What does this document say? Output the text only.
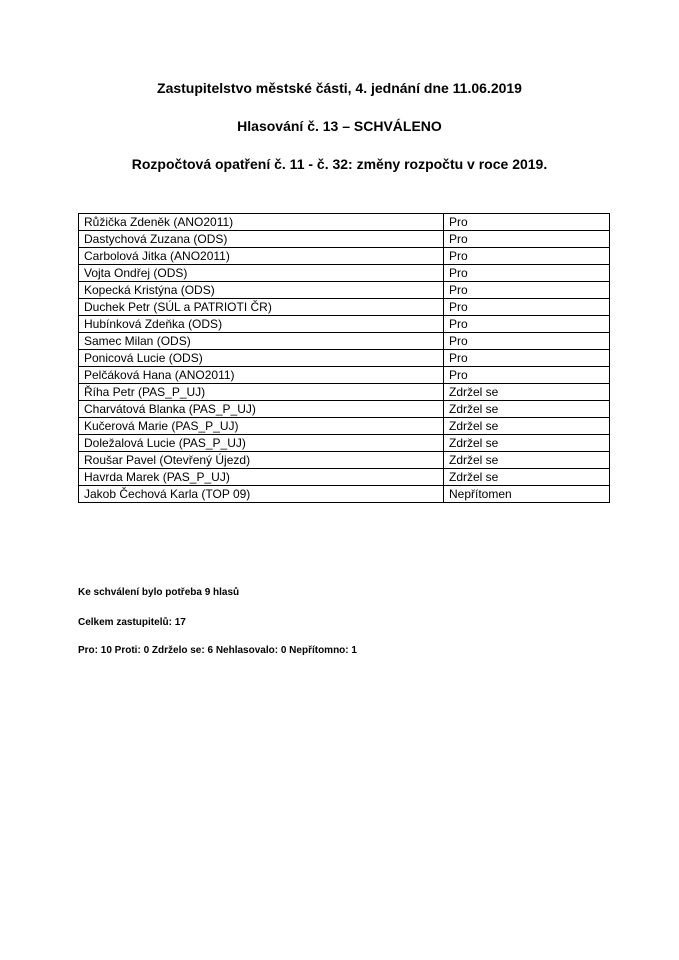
Zastupitelstvo městské části, 4. jednání dne 11.06.2019
Hlasování č. 13 – SCHVÁLENO
Rozpočtová opatření č. 11 - č. 32: změny rozpočtu v roce 2019.
Růžička Zdeněk (ANO2011)	Pro
Dastychová Zuzana (ODS)	Pro
Carbolová Jitka (ANO2011)	Pro
Vojta Ondřej (ODS)	Pro
Kopecká Kristýna (ODS)	Pro
Duchek Petr (SÚL a PATRIOTI ČR)	Pro
Hubínková Zdeňka (ODS)	Pro
Samec Milan (ODS)	Pro
Ponicová Lucie (ODS)	Pro
Pelčáková Hana (ANO2011)	Pro
Říha Petr (PAS_P_UJ)	Zdržel se
Charvátová Blanka (PAS_P_UJ)	Zdržel se
Kučerová Marie (PAS_P_UJ)	Zdržel se
Doležalová Lucie (PAS_P_UJ)	Zdržel se
Roušar Pavel (Otevřený Újezd)	Zdržel se
Havrda Marek (PAS_P_UJ)	Zdržel se
Jakob Čechová Karla (TOP 09)	Nepřítomen
Ke schválení bylo potřeba 9 hlasů
Celkem zastupitelů: 17
Pro: 10 Proti: 0 Zdrželo se: 6 Nehlasovalo: 0 Nepřítomno: 1
